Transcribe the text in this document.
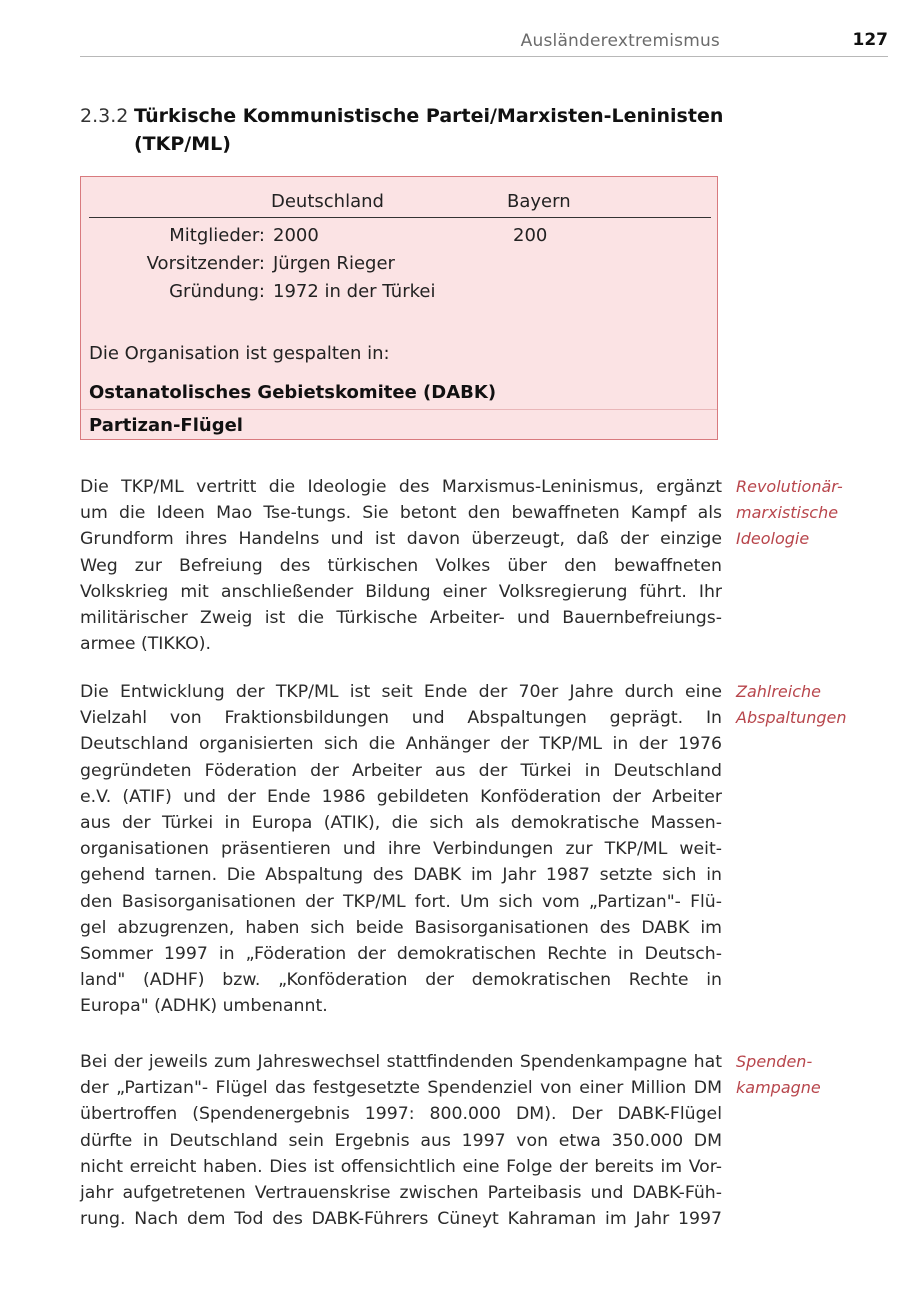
Ausländerextremismus	127
2.3.2 Türkische Kommunistische Partei/Marxisten-Leninisten
(TKP/ML)
Deutschland	Bayern
Mitglieder: 2000	200
Vorsitzender: Jürgen Rieger
Gründung: 1972 in der Türkei
Die Organisation ist gespalten in:
Ostanatolisches Gebietskomitee (DABK)
Partizan-Flügel
Die TKP/ML vertritt die Ideologie des Marxismus-Leninismus, ergänzt
um die Ideen Mao Tse-tungs. Sie betont den bewaffneten Kampf als
Grundform ihres Handelns und ist davon überzeugt, daß der einzige
Weg zur Befreiung des türkischen Volkes über den bewaffneten
Volkskrieg mit anschließender Bildung einer Volksregierung führt. Ihr
militärischer Zweig ist die Türkische Arbeiter- und Bauernbefreiungs-
armee (TIKKO).
Revolutionär-
marxistische
Ideologie
Die Entwicklung der TKP/ML ist seit Ende der 70er Jahre durch eine
Vielzahl von Fraktionsbildungen und Abspaltungen geprägt. In
Deutschland organisierten sich die Anhänger der TKP/ML in der 1976
gegründeten Föderation der Arbeiter aus der Türkei in Deutschland
e.V. (ATIF) und der Ende 1986 gebildeten Konföderation der Arbeiter
aus der Türkei in Europa (ATIK), die sich als demokratische Massen-
organisationen präsentieren und ihre Verbindungen zur TKP/ML weit-
gehend tarnen. Die Abspaltung des DABK im Jahr 1987 setzte sich in
den Basisorganisationen der TKP/ML fort. Um sich vom „Partizan"- Flü-
gel abzugrenzen, haben sich beide Basisorganisationen des DABK im
Sommer 1997 in „Föderation der demokratischen Rechte in Deutsch-
land" (ADHF) bzw. „Konföderation der demokratischen Rechte in
Europa" (ADHK) umbenannt.
Zahlreiche
Abspaltungen
Bei der jeweils zum Jahreswechsel stattfindenden Spendenkampagne hat
der „Partizan"- Flügel das festgesetzte Spendenziel von einer Million DM
übertroffen (Spendenergebnis 1997: 800.000 DM). Der DABK-Flügel
dürfte in Deutschland sein Ergebnis aus 1997 von etwa 350.000 DM
nicht erreicht haben. Dies ist offensichtlich eine Folge der bereits im Vor-
jahr aufgetretenen Vertrauenskrise zwischen Parteibasis und DABK-Füh-
rung. Nach dem Tod des DABK-Führers Cüneyt Kahraman im Jahr 1997
Spenden-
kampagne
